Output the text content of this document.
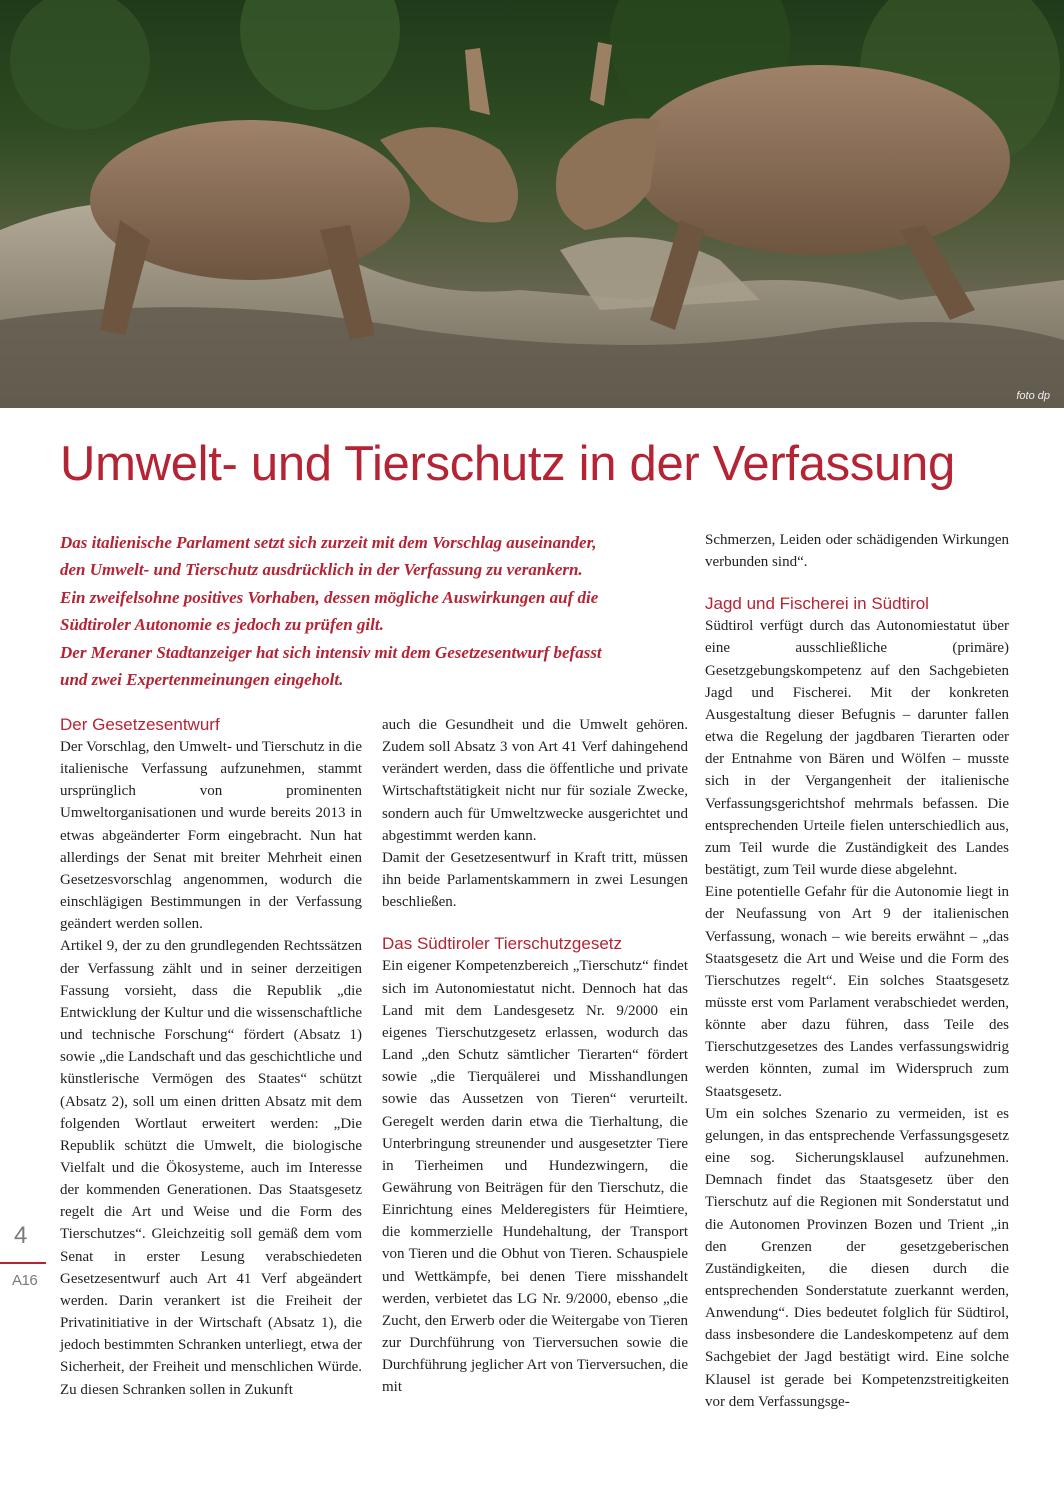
foto dp
Umwelt- und Tierschutz in der Verfassung
Das italienische Parlament setzt sich zurzeit mit dem Vorschlag auseinander,
den Umwelt- und Tierschutz ausdrücklich in der Verfassung zu verankern.
Ein zweifelsohne positives Vorhaben, dessen mögliche Auswirkungen auf die
Südtiroler Autonomie es jedoch zu prüfen gilt.
Der Meraner Stadtanzeiger hat sich intensiv mit dem Gesetzesentwurf befasst
und zwei Expertenmeinungen eingeholt.
Der Gesetzesentwurf

Der Vorschlag, den Umwelt- und Tierschutz in die italienische Verfassung aufzunehmen, stammt ursprünglich von prominenten Umweltorganisationen und wurde bereits 2013 in etwas abgeänderter Form eingebracht. Nun hat allerdings der Senat mit breiter Mehrheit einen Gesetzesvorschlag angenommen, wodurch die einschlägigen Bestimmungen in der Verfassung geändert werden sollen.

Artikel 9, der zu den grundlegenden Rechtssätzen der Verfassung zählt und in seiner derzeitigen Fassung vorsieht, dass die Republik „die Entwicklung der Kultur und die wissenschaftliche und technische Forschung“ fördert (Absatz 1) sowie „die Landschaft und das geschichtliche und künstlerische Vermögen des Staates“ schützt (Absatz 2), soll um einen dritten Absatz mit dem folgenden Wortlaut erweitert werden: „Die Republik schützt die Umwelt, die biologische Vielfalt und die Ökosysteme, auch im Interesse der kommenden Generationen. Das Staatsgesetz regelt die Art und Weise und die Form des Tierschutzes“. Gleichzeitig soll gemäß dem vom Senat in erster Lesung verabschiedeten Gesetzesentwurf auch Art 41 Verf abgeändert werden. Darin verankert ist die Freiheit der Privatinitiative in der Wirtschaft (Absatz 1), die jedoch bestimmten Schranken unterliegt, etwa der Sicherheit, der Freiheit und menschlichen Würde. Zu diesen Schranken sollen in Zukunft

auch die Gesundheit und die Umwelt gehören. Zudem soll Absatz 3 von Art 41 Verf dahingehend verändert werden, dass die öffentliche und private Wirtschaftstätigkeit nicht nur für soziale Zwecke, sondern auch für Umweltzwecke ausgerichtet und abgestimmt werden kann.

Damit der Gesetzesentwurf in Kraft tritt, müssen ihn beide Parlamentskammern in zwei Lesungen beschließen.

Das Südtiroler Tierschutzgesetz

Ein eigener Kompetenzbereich „Tierschutz“ findet sich im Autonomiestatut nicht. Dennoch hat das Land mit dem Landesgesetz Nr. 9/2000 ein eigenes Tierschutzgesetz erlassen, wodurch das Land „den Schutz sämtlicher Tierarten“ fördert sowie „die Tierquälerei und Misshandlungen sowie das Aussetzen von Tieren“ verurteilt. Geregelt werden darin etwa die Tierhaltung, die Unterbringung streunender und ausgesetzter Tiere in Tierheimen und Hundezwingern, die Gewährung von Beiträgen für den Tierschutz, die Einrichtung eines Melderegisters für Heimtiere, die kommerzielle Hundehaltung, der Transport von Tieren und die Obhut von Tieren. Schauspiele und Wettkämpfe, bei denen Tiere misshandelt werden, verbietet das LG Nr. 9/2000, ebenso „die Zucht, den Erwerb oder die Weitergabe von Tieren zur Durchführung von Tierversuchen sowie die Durchführung jeglicher Art von Tierversuchen, die mit

Schmerzen, Leiden oder schädigenden Wirkungen verbunden sind“.

Jagd und Fischerei in Südtirol

Südtirol verfügt durch das Autonomiestatut über eine ausschließliche (primäre) Gesetzgebungskompetenz auf den Sachgebieten Jagd und Fischerei. Mit der konkreten Ausgestaltung dieser Befugnis – darunter fallen etwa die Regelung der jagdbaren Tierarten oder der Entnahme von Bären und Wölfen – musste sich in der Vergangenheit der italienische Verfassungsgerichtshof mehrmals befassen. Die entsprechenden Urteile fielen unterschiedlich aus, zum Teil wurde die Zuständigkeit des Landes bestätigt, zum Teil wurde diese abgelehnt.

Eine potentielle Gefahr für die Autonomie liegt in der Neufassung von Art 9 der italienischen Verfassung, wonach – wie bereits erwähnt – „das Staatsgesetz die Art und Weise und die Form des Tierschutzes regelt“. Ein solches Staatsgesetz müsste erst vom Parlament verabschiedet werden, könnte aber dazu führen, dass Teile des Tierschutzgesetzes des Landes verfassungswidrig werden könnten, zumal im Widerspruch zum Staatsgesetz.

Um ein solches Szenario zu vermeiden, ist es gelungen, in das entsprechende Verfassungsgesetz eine sog. Sicherungsklausel aufzunehmen. Demnach findet das Staatsgesetz über den Tierschutz auf die Regionen mit Sonderstatut und die Autonomen Provinzen Bozen und Trient „in den Grenzen der gesetzgeberischen Zuständigkeiten, die diesen durch die entsprechenden Sonderstatute zuerkannt werden, Anwendung“. Dies bedeutet folglich für Südtirol, dass insbesondere die Landeskompetenz auf dem Sachgebiet der Jagd bestätigt wird. Eine solche Klausel ist gerade bei Kompetenzstreitigkeiten vor dem Verfassungsge-

4
A16
